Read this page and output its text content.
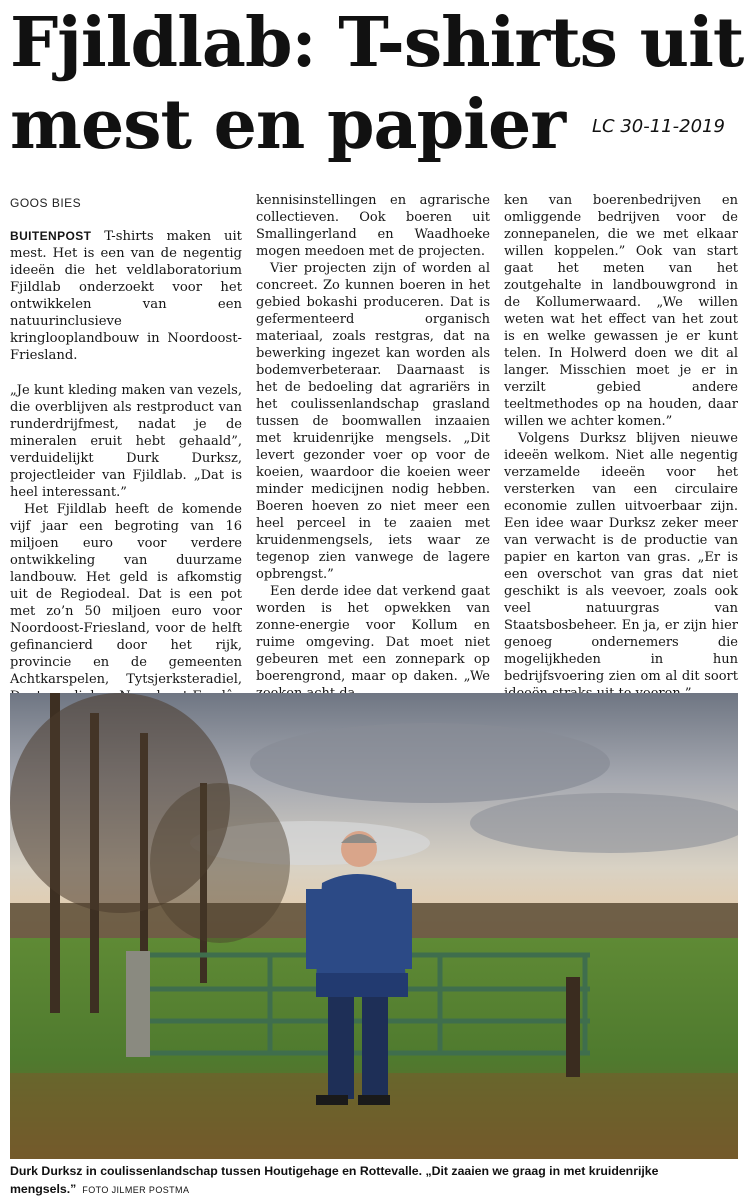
Fjildlab: T-shirts uit
mest en papier	LC 30-11-2019
GOOS BIES

BUITENPOST T-shirts maken uit mest. Het is een van de negentig ideeën die het veldlaboratorium Fjildlab onderzoekt voor het ontwikkelen van een natuurinclusieve kringlooplandbouw in Noordoost-Friesland.

„Je kunt kleding maken van vezels, die overblijven als restproduct van runderdrijfmest, nadat je de mineralen eruit hebt gehaald”, verduidelijkt Durk Durksz, projectleider van Fjildlab. „Dat is heel interessant.”

Het Fjildlab heeft de komende vijf jaar een begroting van 16 miljoen euro voor verdere ontwikkeling van duurzame landbouw. Het geld is afkomstig uit de Regiodeal. Dat is een pot met zo’n 50 miljoen euro voor Noordoost-Friesland, voor de helft gefinancierd door het rijk, provincie en de gemeenten Achtkarspelen, Tytsjerksteradiel,

kennisinstellingen en agrarische collectieven. Ook boeren uit Smallingerland en Waadhoeke mogen meedoen met de projecten.

Vier projecten zijn of worden al concreet. Zo kunnen boeren in het gebied bokashi produceren. Dat is gefermenteerd organisch materiaal, zoals restgras, dat na bewerking ingezet kan worden als bodemverbeteraar. Daarnaast is het de bedoeling dat agrariërs in het coulissenlandschap grasland tussen de boomwallen inzaaien met kruidenrijke mengsels. „Dit levert gezonder voer op voor de koeien, waardoor die koeien weer minder medicijnen nodig hebben. Boeren hoeven zo niet meer een heel perceel in te zaaien met kruidenmengsels, iets waar ze tegenop zien vanwege de lagere opbrengst.”

Een derde idee dat verkend gaat worden is het opwekken van zonne-energie voor Kollum en ruime omgeving. Dat moet niet gebeuren met een zonnepark op boerengrond, maar op daken. „We

ken van boerenbedrijven en omliggende bedrijven voor de zonnepanelen, die we met elkaar willen koppelen.” Ook van start gaat het meten van het zoutgehalte in landbouwgrond in de Kollumerwaard. „We willen weten wat het effect van het zout is en welke gewassen je er kunt telen. In Holwerd doen we dit al langer. Misschien moet je er in verzilt gebied andere teeltmethodes op na houden, daar willen we achter komen.”

Volgens Durksz blijven nieuwe ideeën welkom. Niet alle negentig verzamelde ideeën voor het versterken van een circulaire economie zullen uitvoerbaar zijn. Een idee waar Durksz zeker meer van verwacht is de productie van papier en karton van gras. „Er is een overschot van gras dat niet geschikt is als veevoer, zoals ook veel natuurgras van Staatsbosbeheer. En ja, er zijn hier genoeg ondernemers die mogelijkheden in hun bedrijfsvoering zien om al dit soort

Durk Durksz in coulissenlandschap tussen Houtigehage en Rottevalle. „Dit zaaien we graag in met kruidenrijke mengsels.” FOTO JILMER POSTMA
